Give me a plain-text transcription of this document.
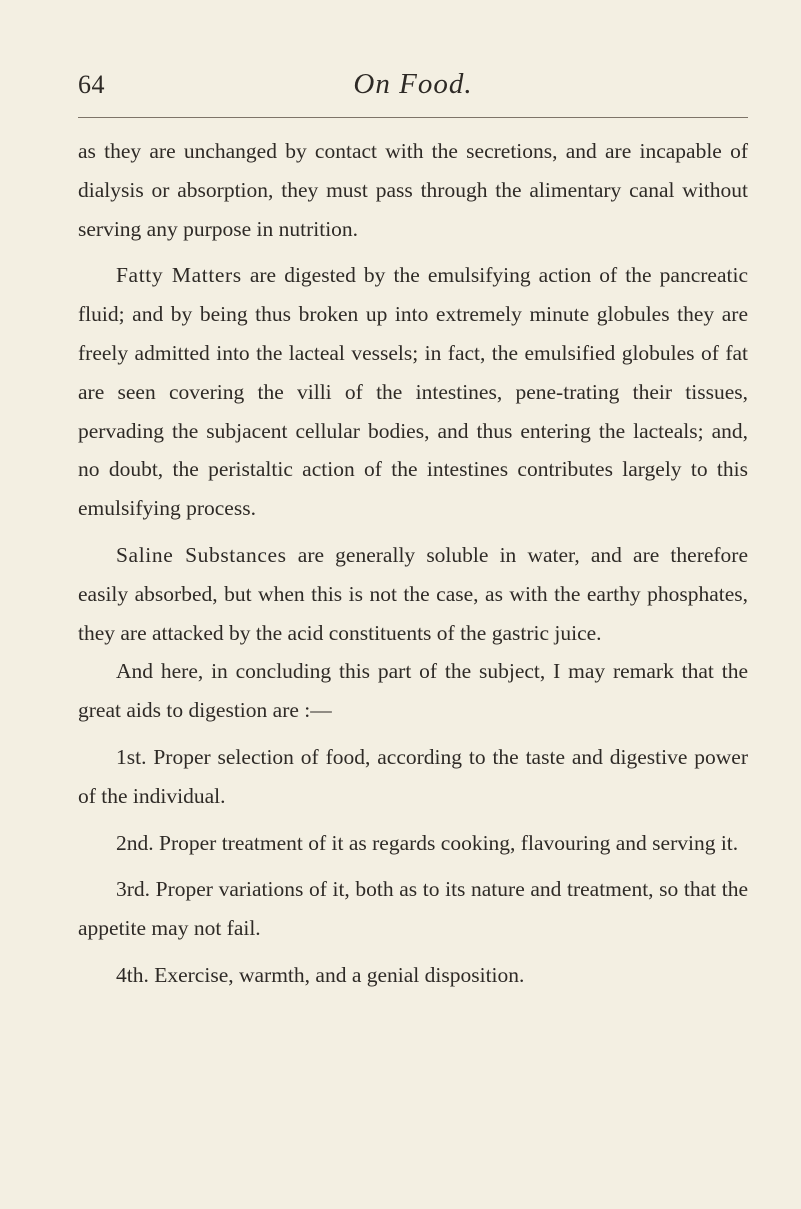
64	On Food.

as they are unchanged by contact with the secretions, and are incapable of dialysis or absorption, they must pass through the alimentary canal without serving any purpose in nutrition.

Fatty Matters are digested by the emulsifying action of the pancreatic fluid; and by being thus broken up into extremely minute globules they are freely admitted into the lacteal vessels; in fact, the emulsified globules of fat are seen covering the villi of the intestines, pene-trating their tissues, pervading the subjacent cellular bodies, and thus entering the lacteals; and, no doubt, the peristaltic action of the intestines contributes largely to this emulsifying process.

Saline Substances are generally soluble in water, and are therefore easily absorbed, but when this is not the case, as with the earthy phosphates, they are attacked by the acid constituents of the gastric juice.

And here, in concluding this part of the subject, I may remark that the great aids to digestion are :—

1st. Proper selection of food, according to the taste and digestive power of the individual.

2nd. Proper treatment of it as regards cooking, flavouring and serving it.

3rd. Proper variations of it, both as to its nature and treatment, so that the appetite may not fail.

4th. Exercise, warmth, and a genial disposition.
